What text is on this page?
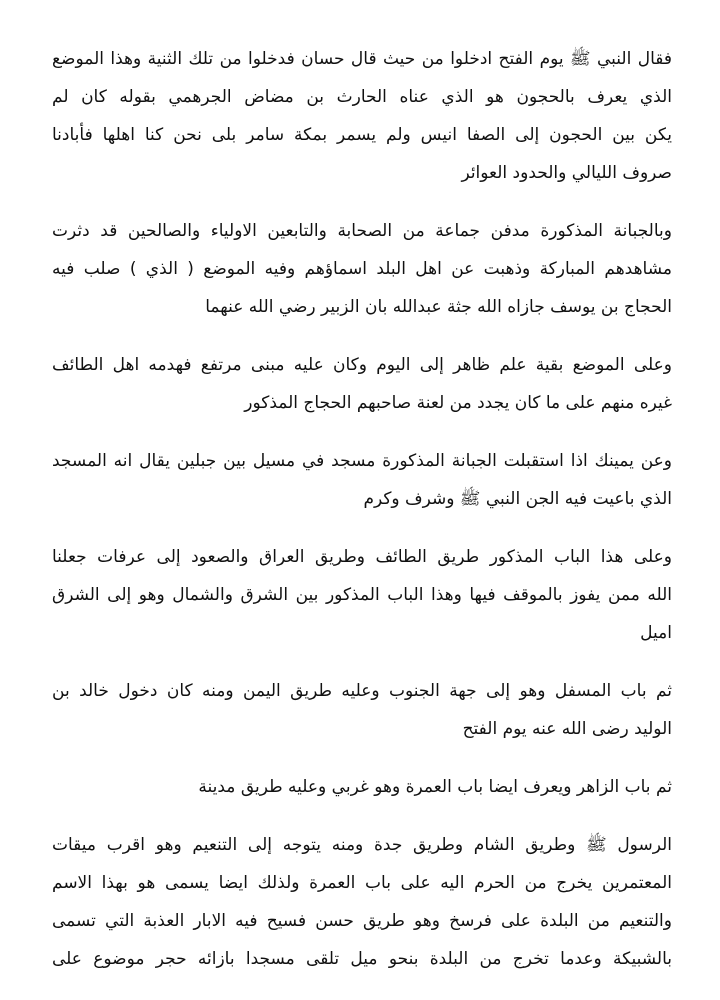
فقال النبي ﷺ يوم الفتح ادخلوا من حيث قال حسان فدخلوا من تلك الثنية وهذا الموضع
الذي يعرف بالحجون هو الذي عناه الحارث بن مضاض الجرهمي بقوله كان لم
يكن بين الحجون إلى الصفا انيس ولم يسمر بمكة سامر بلى نحن كنا اهلها فأبادنا
صروف الليالي والحدود العوائر
وبالجبانة المذكورة مدفن جماعة من الصحابة والتابعين الاولياء والصالحين قد دثرت
مشاهدهم المباركة وذهبت عن اهل البلد اسماؤهم وفيه الموضع ( الذي ) صلب فيه
الحجاج بن يوسف جازاه الله جثة عبدالله بان الزبير رضي الله عنهما
وعلى الموضع بقية علم ظاهر إلى اليوم وكان عليه مبنى مرتفع فهدمه اهل الطائف
غيره منهم على ما كان يجدد من لعنة صاحبهم الحجاج المذكور
وعن يمينك اذا استقبلت الجبانة المذكورة مسجد في مسيل بين جبلين يقال انه المسجد
الذي باعيت فيه الجن النبي ﷺ وشرف وكرم
وعلى هذا الباب المذكور طريق الطائف وطريق العراق والصعود إلى عرفات جعلنا
الله ممن يفوز بالموقف فيها وهذا الباب المذكور بين الشرق والشمال وهو إلى الشرق
اميل
ثم باب المسفل وهو إلى جهة الجنوب وعليه طريق اليمن ومنه كان دخول خالد بن
الوليد رضى الله عنه يوم الفتح
ثم باب الزاهر ويعرف ايضا باب العمرة وهو غربي وعليه طريق مدينة
الرسول ﷺ وطريق الشام وطريق جدة ومنه يتوجه إلى التنعيم وهو اقرب ميقات
المعتمرين يخرج من الحرم اليه على باب العمرة ولذلك ايضا يسمى هو بهذا الاسم
والتنعيم من البلدة على فرسخ وهو طريق حسن فسيح فيه الابار العذبة التي تسمى
بالشبيكة وعدما تخرج من البلدة بنحو ميل تلقى مسجدا بازائه حجر موضوع على
